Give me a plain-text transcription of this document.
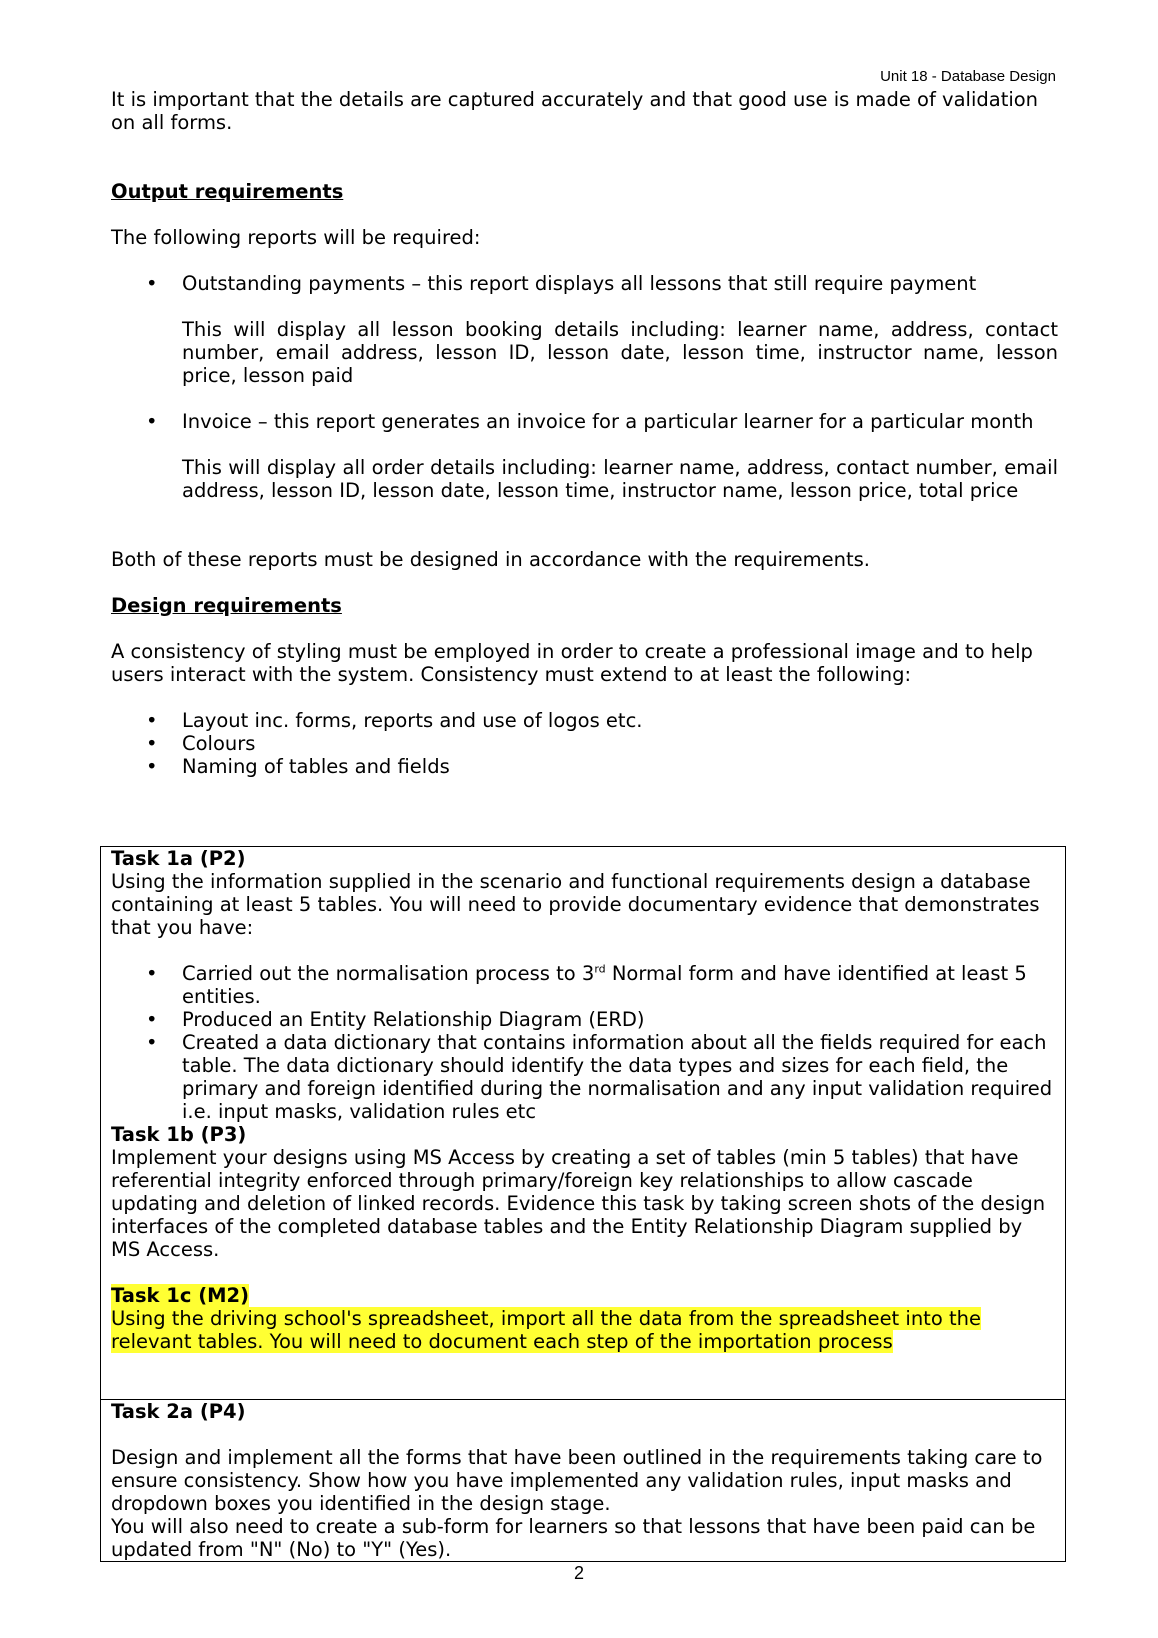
Unit 18 - Database Design

It is important that the details are captured accurately and that good use is made of validation on all forms.

Output requirements

The following reports will be required:

• Outstanding payments – this report displays all lessons that still require payment

This will display all lesson booking details including: learner name, address, contact number, email address, lesson ID, lesson date, lesson time, instructor name, lesson price, lesson paid

• Invoice – this report generates an invoice for a particular learner for a particular month

This will display all order details including: learner name, address, contact number, email address, lesson ID, lesson date, lesson time, instructor name, lesson price, total price

Both of these reports must be designed in accordance with the requirements.

Design requirements

A consistency of styling must be employed in order to create a professional image and to help users interact with the system. Consistency must extend to at least the following:

• Layout inc. forms, reports and use of logos etc.
• Colours
• Naming of tables and fields

Task 1a (P2)

Using the information supplied in the scenario and functional requirements design a database containing at least 5 tables. You will need to provide documentary evidence that demonstrates that you have:

• Carried out the normalisation process to 3rd Normal form and have identified at least 5 entities.
• Produced an Entity Relationship Diagram (ERD)
• Created a data dictionary that contains information about all the fields required for each table. The data dictionary should identify the data types and sizes for each field, the primary and foreign identified during the normalisation and any input validation required i.e. input masks, validation rules etc

Task 1b (P3)

Implement your designs using MS Access by creating a set of tables (min 5 tables) that have referential integrity enforced through primary/foreign key relationships to allow cascade updating and deletion of linked records. Evidence this task by taking screen shots of the design interfaces of the completed database tables and the Entity Relationship Diagram supplied by MS Access.

Task 1c (M2)

Using the driving school's spreadsheet, import all the data from the spreadsheet into the relevant tables. You will need to document each step of the importation process

Task 2a (P4)

Design and implement all the forms that have been outlined in the requirements taking care to ensure consistency. Show how you have implemented any validation rules, input masks and dropdown boxes you identified in the design stage.

You will also need to create a sub-form for learners so that lessons that have been paid can be updated from "N" (No) to "Y" (Yes).

2
